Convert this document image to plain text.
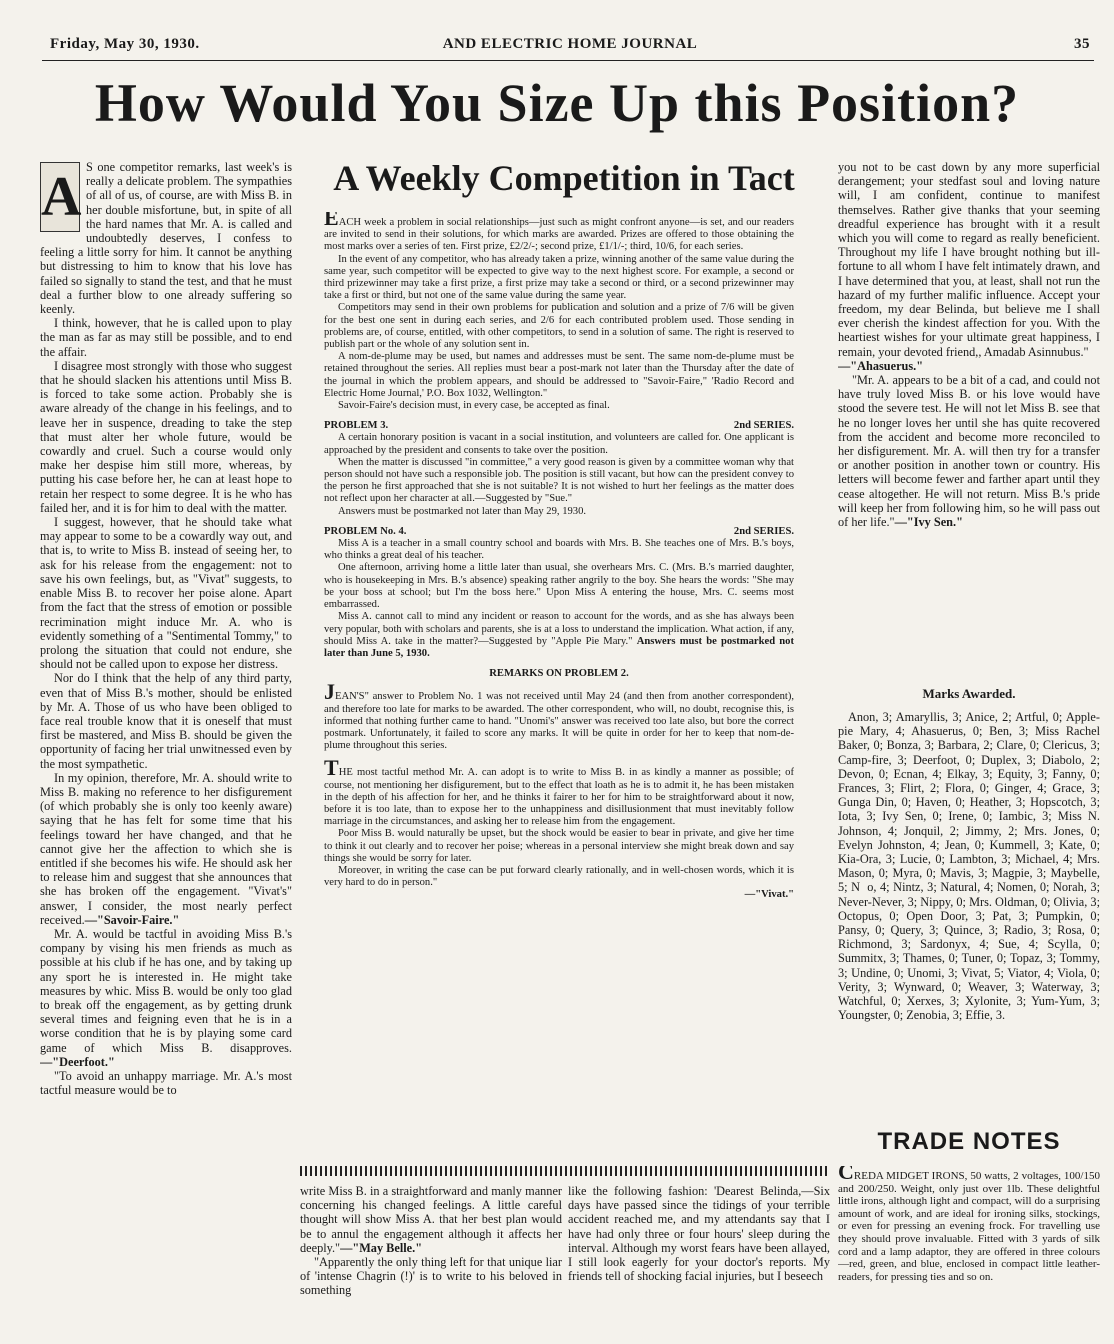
Friday, May 30, 1930.	AND ELECTRIC HOME JOURNAL	35
How Would You Size Up this Position?
A S one competitor remarks, last week's is really a delicate problem. The sympathies of all of us, of course, are with Miss B. in her double misfortune, but, in spite of all the hard names that Mr. A. is called and undoubtedly deserves, I confess to feeling a little sorry for him. It cannot be anything but distressing to him to know that his love has failed so signally to stand the test, and that he must deal a further blow to one already suffering so keenly.

I think, however, that he is called upon to play the man as far as may still be possible, and to end the affair.

I disagree most strongly with those who suggest that he should slacken his attentions until Miss B. is forced to take some action. Probably she is aware already of the change in his feelings, and to leave her in suspence, dreading to take the step that must alter her whole future, would be cowardly and cruel. Such a course would only make her despise him still more, whereas, by putting his case before her, he can at least hope to retain her respect to some degree. It is he who has failed her, and it is for him to deal with the matter.

I suggest, however, that he should take what may appear to some to be a cowardly way out, and that is, to write to Miss B. instead of seeing her, to ask for his release from the engagement: not to save his own feelings, but, as "Vivat" suggests, to enable Miss B. to recover her poise alone. Apart from the fact that the stress of emotion or possible recrimination might induce Mr. A. who is evidently something of a "Sentimental Tommy," to prolong the situation that could not endure, she should not be called upon to expose her distress.

Nor do I think that the help of any third party, even that of Miss B.'s mother, should be enlisted by Mr. A. Those of us who have been obliged to face real trouble know that it is oneself that must first be mastered, and Miss B. should be given the opportunity of facing her trial unwitnessed even by the most sympathetic.

In my opinion, therefore, Mr. A. should write to Miss B. making no reference to her disfigurement (of which probably she is only too keenly aware) saying that he has felt for some time that his feelings toward her have changed, and that he cannot give her the affection to which she is entitled if she becomes his wife. He should ask her to release him and suggest that she announces that she has broken off the engagement. "Vivat's" answer, I consider, the most nearly perfect received.—"Savoir-Faire."

Mr. A. would be tactful in avoiding Miss B.'s company by vising his men friends as much as possible at his club if he has one, and by taking up any sport he is interested in. He might take measures by whic. Miss B. would be only too glad to break off the engagement, as by getting drunk several times and feigning even that he is in a worse condition that he is by playing some card game of which Miss B. disapproves.—"Deerfoot."

"To avoid an unhappy marriage. Mr. A.'s most tactful measure would be to

A Weekly Competition in Tact

EACH week a problem in social relationships—just such as might confront anyone—is set, and our readers are invited to send in their solutions, for which marks are awarded. Prizes are offered to those obtaining the most marks over a series of ten. First prize, £2/2/-; second prize, £1/1/-; third, 10/6, for each series.

In the event of any competitor, who has already taken a prize, winning another of the same value during the same year, such competitor will be expected to give way to the next highest score. For example, a second or third prizewinner may take a first prize, a first prize may take a second or third, or a second prizewinner may take a first or third, but not one of the same value during the same year.

Competitors may send in their own problems for publication and solution and a prize of 7/6 will be given for the best one sent in during each series, and 2/6 for each contributed problem used. Those sending in problems are, of course, entitled, with other competitors, to send in a solution of same. The right is reserved to publish part or the whole of any solution sent in.

A nom-de-plume may be used, but names and addresses must be sent. The same nom-de-plume must be retained throughout the series. All replies must bear a post-mark not later than the Thursday after the date of the journal in which the problem appears, and should be addressed to "Savoir-Faire," 'Radio Record and Electric Home Journal,' P.O. Box 1032, Wellington."

Savoir-Faire's decision must, in every case, be accepted as final.

PROBLEM 3.	2nd SERIES.

A certain honorary position is vacant in a social institution, and volunteers are called for. One applicant is approached by the president and consents to take over the position.

When the matter is discussed "in committee," a very good reason is given by a committee woman why that person should not have such a responsible job. The position is still vacant, but how can the president convey to the person he first approached that she is not suitable? It is not wished to hurt her feelings as the matter does not reflect upon her character at all.—Suggested by "Sue."

Answers must be postmarked not later than May 29, 1930.

PROBLEM No. 4.	2nd SERIES.

Miss A is a teacher in a small country school and boards with Mrs. B. She teaches one of Mrs. B.'s boys, who thinks a great deal of his teacher.

One afternoon, arriving home a little later than usual, she overhears Mrs. C. (Mrs. B.'s married daughter, who is housekeeping in Mrs. B.'s absence) speaking rather angrily to the boy. She hears the words: "She may be your boss at school; but I'm the boss here." Upon Miss A entering the house, Mrs. C. seems most embarrassed.

Miss A. cannot call to mind any incident or reason to account for the words, and as she has always been very popular, both with scholars and parents, she is at a loss to understand the implication. What action, if any, should Miss A. take in the matter?—Suggested by "Apple Pie Mary." Answers must be postmarked not later than June 5, 1930.

REMARKS ON PROBLEM 2.

JEAN'S" answer to Problem No. 1 was not received until May 24 (and then from another correspondent), and therefore too late for marks to be awarded. The other correspondent, who will, no doubt, recognise this, is informed that nothing further came to hand. "Unomi's" answer was received too late also, but bore the correct postmark. Unfortunately, it failed to score any marks. It will be quite in order for her to keep that nom-de-plume throughout this series.

THE most tactful method Mr. A. can adopt is to write to Miss B. in as kindly a manner as possible; of course, not mentioning her disfigurement, but to the effect that loath as he is to admit it, he has been mistaken in the depth of his affection for her, and he thinks it fairer to her for him to be straightforward about it now, before it is too late, than to expose her to the unhappiness and disillusionment that must inevitably follow marriage in the circumstances, and asking her to release him from the engagement.

Poor Miss B. would naturally be upset, but the shock would be easier to bear in private, and give her time to think it out clearly and to recover her poise; whereas in a personal interview she might break down and say things she would be sorry for later.

Moreover, in writing the case can be put forward clearly rationally, and in well-chosen words, which it is very hard to do in person."

—"Vivat."

write Miss B. in a straightforward and manly manner concerning his changed feelings. A little careful thought will show Miss A. that her best plan would be to annul the engagement although it affects her deeply."—"May Belle."
"Apparently the only thing left for that unique liar of 'intense Chagrin (!)' is to write to his beloved in something
like the following fashion: 'Dearest Belinda,—Six days have passed since the tidings of your terrible accident reached me, and my attendants say that I have had only three or four hours' sleep during the interval. Although my worst fears have been allayed, I still look eagerly for your doctor's reports. My friends tell of shocking facial injuries, but I beseech

you not to be cast down by any more superficial derangement; your stedfast soul and loving nature will, I am confident, continue to manifest themselves. Rather give thanks that your seeming dreadful experience has brought with it a result which you will come to regard as really beneficient. Throughout my life I have brought nothing but ill-fortune to all whom I have felt intimately drawn, and I have determined that you, at least, shall not run the hazard of my further malific influence. Accept your freedom, my dear Belinda, but believe me I shall ever cherish the kindest affection for you. With the heartiest wishes for your ultimate great happiness, I remain, your devoted friend,, Amadab Asinnubus."

—"Ahasuerus."

"Mr. A. appears to be a bit of a cad, and could not have truly loved Miss B. or his love would have stood the severe test. He will not let Miss B. see that he no longer loves her until she has quite recovered from the accident and become more reconciled to her disfigurement. Mr. A. will then try for a transfer or another position in another town or country. His letters will become fewer and farther apart until they cease altogether. He will not return. Miss B.'s pride will keep her from following him, so he will pass out of her life."—"Ivy Sen."

Marks Awarded.
Anon, 3; Amaryllis, 3; Anice, 2; Artful, 0; Apple-pie Mary, 4; Ahasuerus, 0; Ben, 3; Miss Rachel Baker, 0; Bonza, 3; Barbara, 2; Clare, 0; Clericus, 3; Camp-fire, 3; Deerfoot, 0; Duplex, 3; Diabolo, 2; Devon, 0; Ecnan, 4; Elkay, 3; Equity, 3; Fanny, 0; Frances, 3; Flirt, 2; Flora, 0; Ginger, 4; Grace, 3; Gunga Din, 0; Haven, 0; Heather, 3; Hopscotch, 3; Iota, 3; Ivy Sen, 0; Irene, 0; Iambic, 3; Miss N. Johnson, 4; Jonquil, 2; Jimmy, 2; Mrs. Jones, 0; Evelyn Johnston, 4; Jean, 0; Kummell, 3; Kate, 0; Kia-Ora, 3; Lucie, 0; Lambton, 3; Michael, 4; Mrs. Mason, 0; Myra, 0; Mavis, 3; Magpie, 3; Maybelle, 5; N⁠ ⁠ ⁠o, 4; Nintz, 3; Natural, 4; Nomen, 0; Norah, 3; Never-Never, 3; Nippy, 0; Mrs. Oldman, 0; Olivia, 3; Octopus, 0; Open Door, 3; Pat, 3; Pumpkin, 0; Pansy, 0; Query, 3; Quince, 3; Radio, 3; Rosa, 0; Richmond, 3; Sardonyx, 4; Sue, 4; Scylla, 0; Summitx, 3; Thames, 0; Tuner, 0; Topaz, 3; Tommy, 3; Undine, 0; Unomi, 3; Vivat, 5; Viator, 4; Viola, 0; Verity, 3; Wynward, 0; Weaver, 3; Waterway, 3; Watchful, 0; Xerxes, 3; Xylonite, 3; Yum-Yum, 3; Youngster, 0; Zenobia, 3; Effie, 3.
TRADE NOTES
CREDA MIDGET IRONS, 50 watts, 2 voltages, 100/150 and 200/250. Weight, only just over 1lb. These delightful little irons, although light and compact, will do a surprising amount of work, and are ideal for ironing silks, stockings, or even for pressing an evening frock. For travelling use they should prove invaluable. Fitted with 3 yards of silk cord and a lamp adaptor, they are offered in three colours—red, green, and blue, enclosed in compact little leather-readers, for pressing ties and so on.
